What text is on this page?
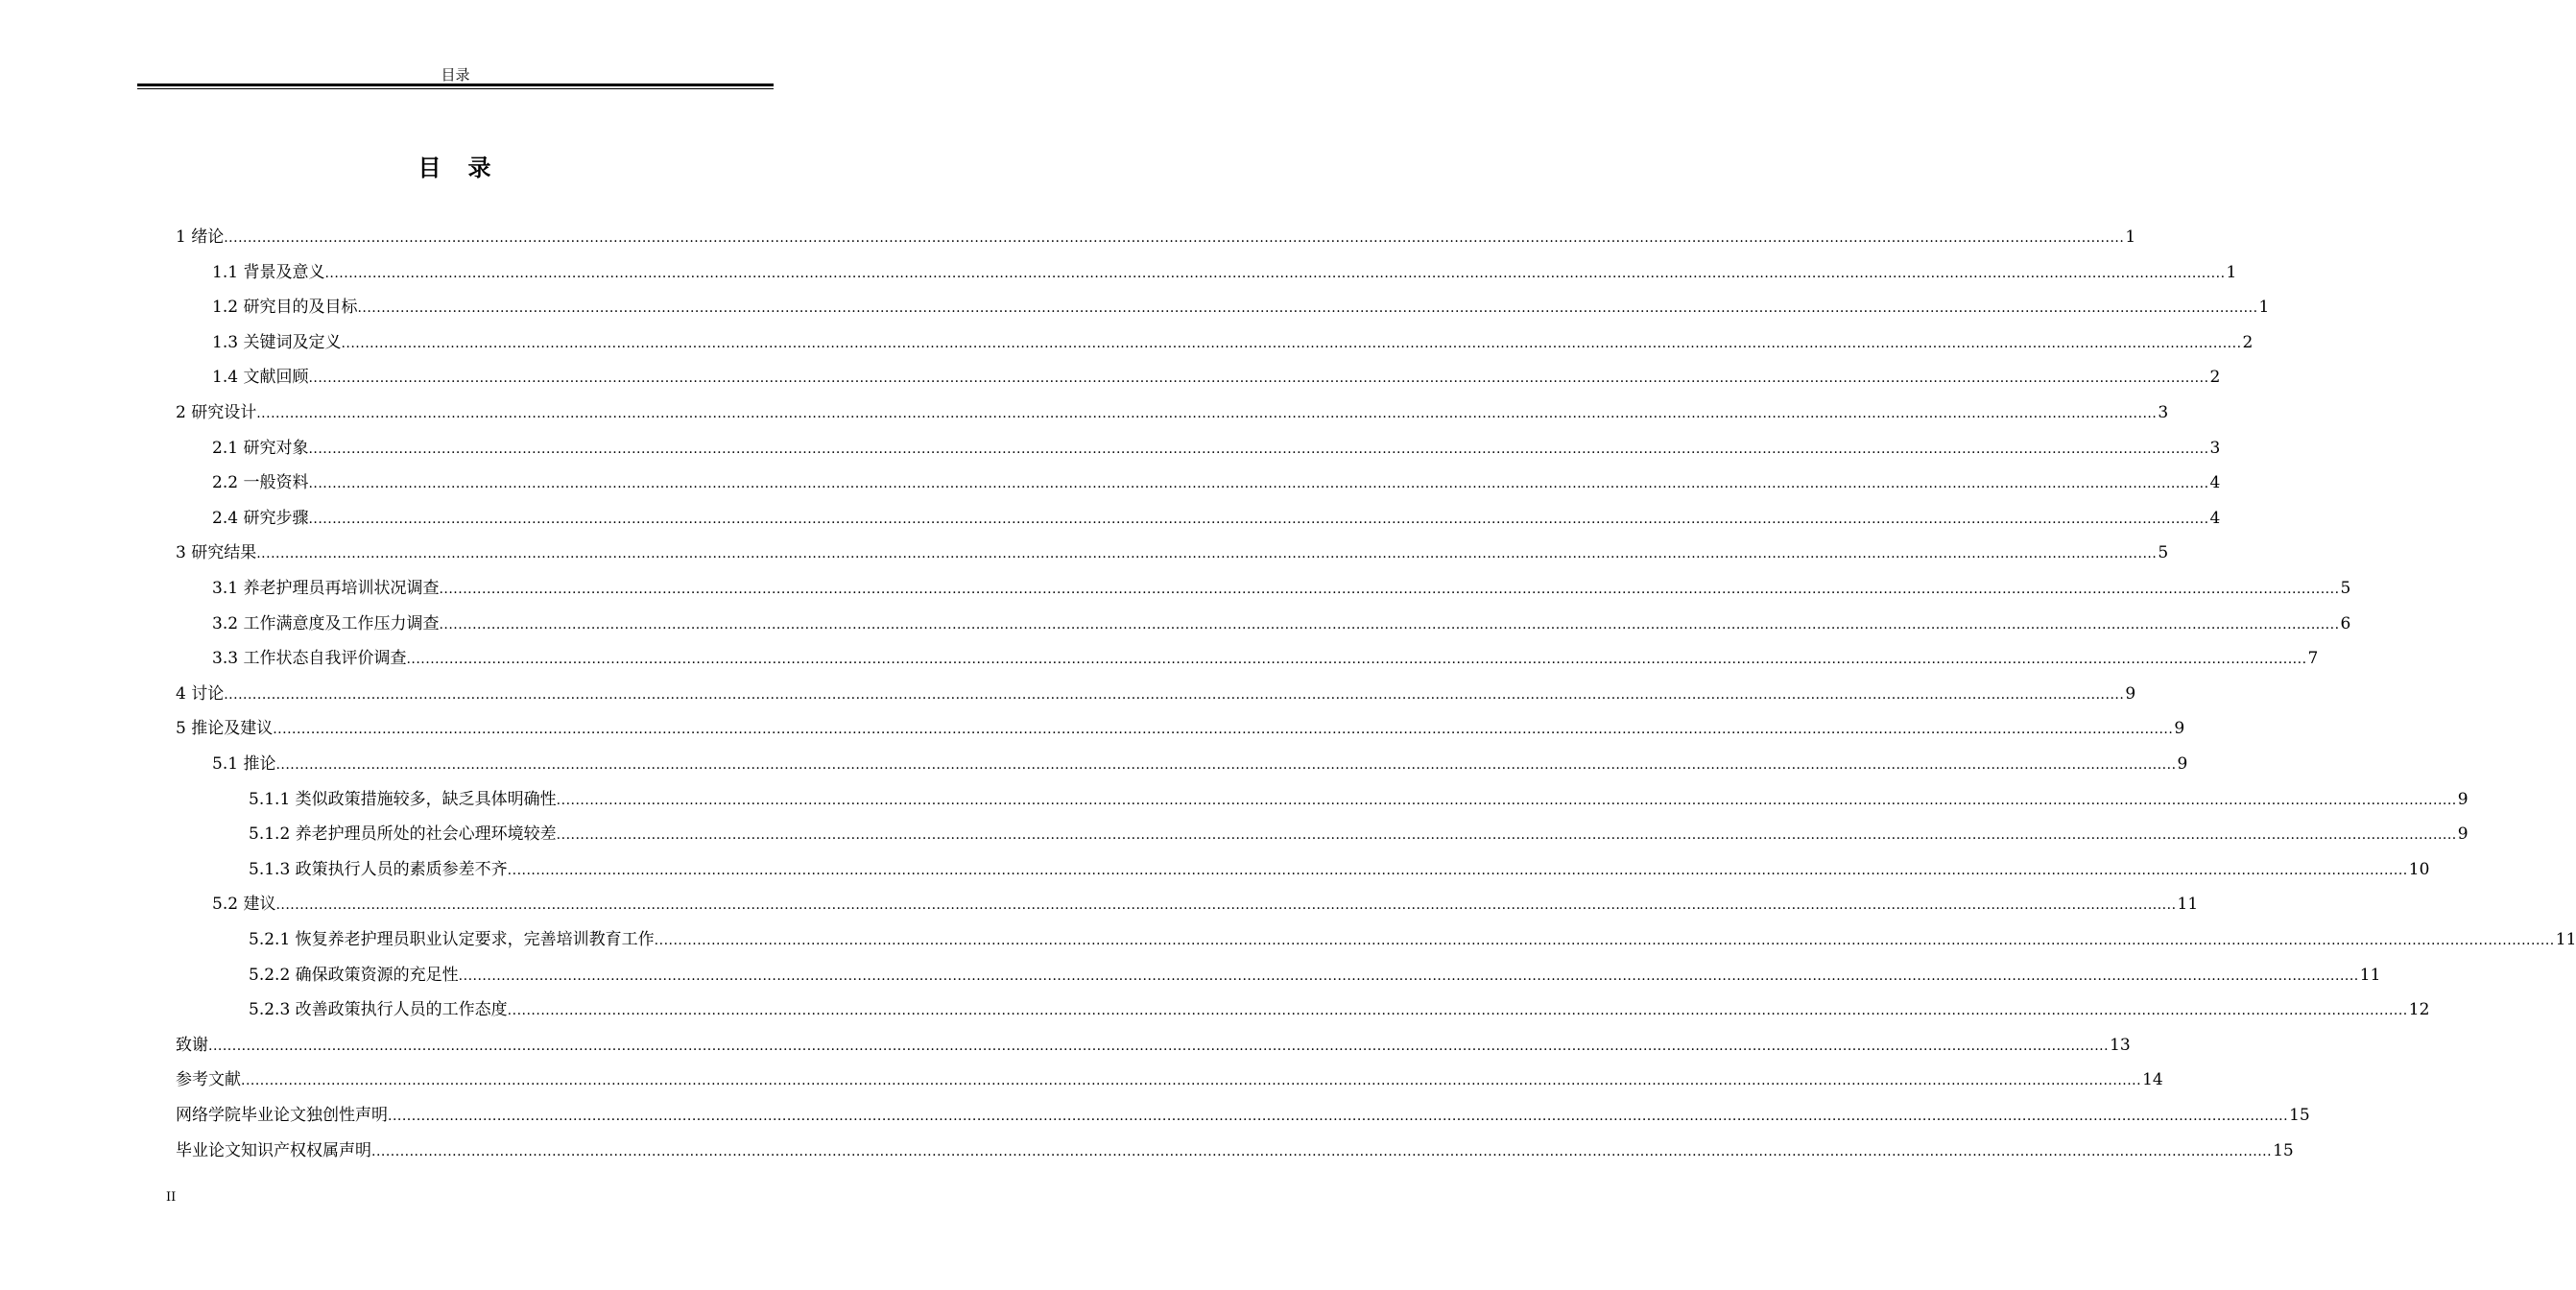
目录
目　录
1 绪论 ................................................................................................................................................................................................................................................................................................................................................................................................................ 1
1.1 背景及意义 ................................................................................................................................................................................................................................................................................................................................................................................................................ 1
1.2 研究目的及目标 ................................................................................................................................................................................................................................................................................................................................................................................................................ 1
1.3 关键词及定义 ................................................................................................................................................................................................................................................................................................................................................................................................................ 2
1.4 文献回顾 ................................................................................................................................................................................................................................................................................................................................................................................................................ 2
2 研究设计 ................................................................................................................................................................................................................................................................................................................................................................................................................ 3
2.1 研究对象 ................................................................................................................................................................................................................................................................................................................................................................................................................ 3
2.2 一般资料 ................................................................................................................................................................................................................................................................................................................................................................................................................ 4
2.4 研究步骤 ................................................................................................................................................................................................................................................................................................................................................................................................................ 4
3 研究结果 ................................................................................................................................................................................................................................................................................................................................................................................................................ 5
3.1 养老护理员再培训状况调查 ................................................................................................................................................................................................................................................................................................................................................................................................................ 5
3.2 工作满意度及工作压力调查 ................................................................................................................................................................................................................................................................................................................................................................................................................ 6
3.3 工作状态自我评价调查 ................................................................................................................................................................................................................................................................................................................................................................................................................ 7
4 讨论 ................................................................................................................................................................................................................................................................................................................................................................................................................ 9
5 推论及建议 ................................................................................................................................................................................................................................................................................................................................................................................................................ 9
5.1 推论 ................................................................................................................................................................................................................................................................................................................................................................................................................ 9
5.1.1 类似政策措施较多，缺乏具体明确性 ................................................................................................................................................................................................................................................................................................................................................................................................................ 9
5.1.2 养老护理员所处的社会心理环境较差 ................................................................................................................................................................................................................................................................................................................................................................................................................ 9
5.1.3 政策执行人员的素质参差不齐 ................................................................................................................................................................................................................................................................................................................................................................................................................ 10
5.2 建议 ................................................................................................................................................................................................................................................................................................................................................................................................................ 11
5.2.1 恢复养老护理员职业认定要求，完善培训教育工作 ................................................................................................................................................................................................................................................................................................................................................................................................................ 11
5.2.2 确保政策资源的充足性 ................................................................................................................................................................................................................................................................................................................................................................................................................ 11
5.2.3 改善政策执行人员的工作态度 ................................................................................................................................................................................................................................................................................................................................................................................................................ 12
致谢 ................................................................................................................................................................................................................................................................................................................................................................................................................ 13
参考文献 ................................................................................................................................................................................................................................................................................................................................................................................................................ 14
网络学院毕业论文独创性声明 ................................................................................................................................................................................................................................................................................................................................................................................................................ 15
毕业论文知识产权权属声明 ................................................................................................................................................................................................................................................................................................................................................................................................................ 15
II
